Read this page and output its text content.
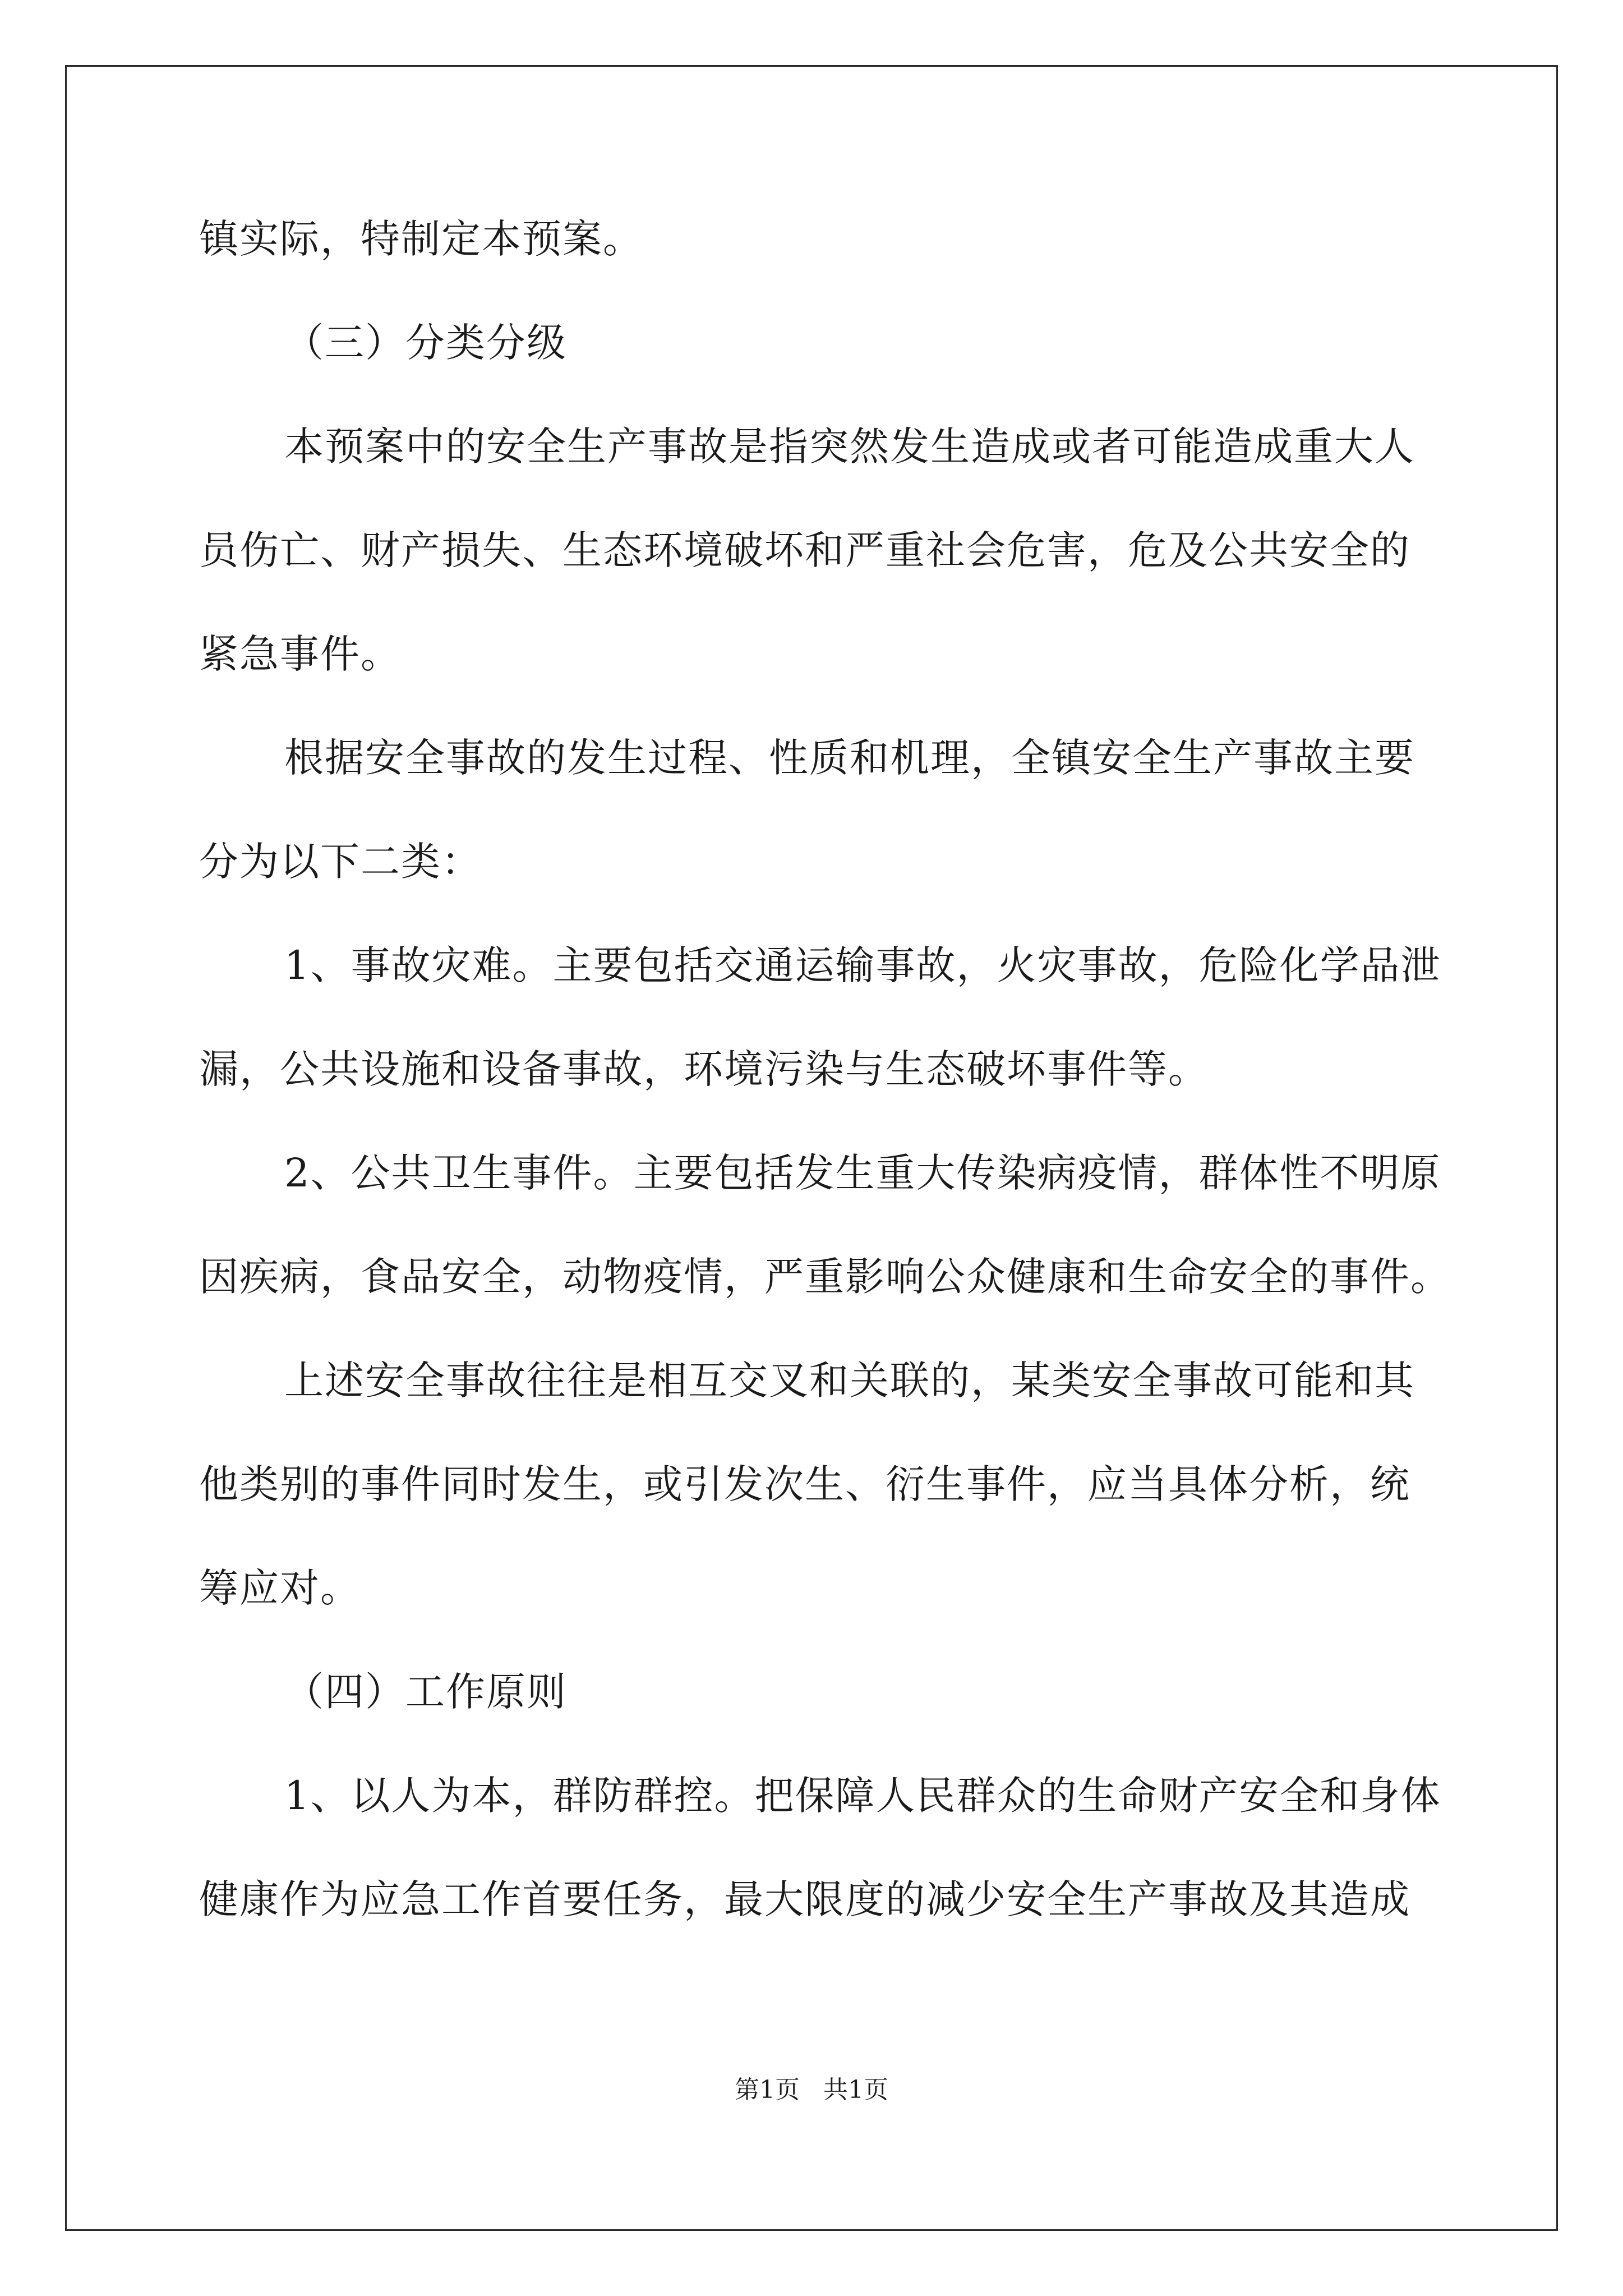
镇实际，特制定本预案。
（三）分类分级
本预案中的安全生产事故是指突然发生造成或者可能造成重大人
员伤亡、财产损失、生态环境破坏和严重社会危害，危及公共安全的
紧急事件。
根据安全事故的发生过程、性质和机理，全镇安全生产事故主要
分为以下二类：
1、事故灾难。主要包括交通运输事故，火灾事故，危险化学品泄
漏，公共设施和设备事故，环境污染与生态破坏事件等。
2、公共卫生事件。主要包括发生重大传染病疫情，群体性不明原
因疾病，食品安全，动物疫情，严重影响公众健康和生命安全的事件。
上述安全事故往往是相互交叉和关联的，某类安全事故可能和其
他类别的事件同时发生，或引发次生、衍生事件，应当具体分析，统
筹应对。
（四）工作原则
1、以人为本，群防群控。把保障人民群众的生命财产安全和身体
健康作为应急工作首要任务，最大限度的减少安全生产事故及其造成
第1页   共1页
